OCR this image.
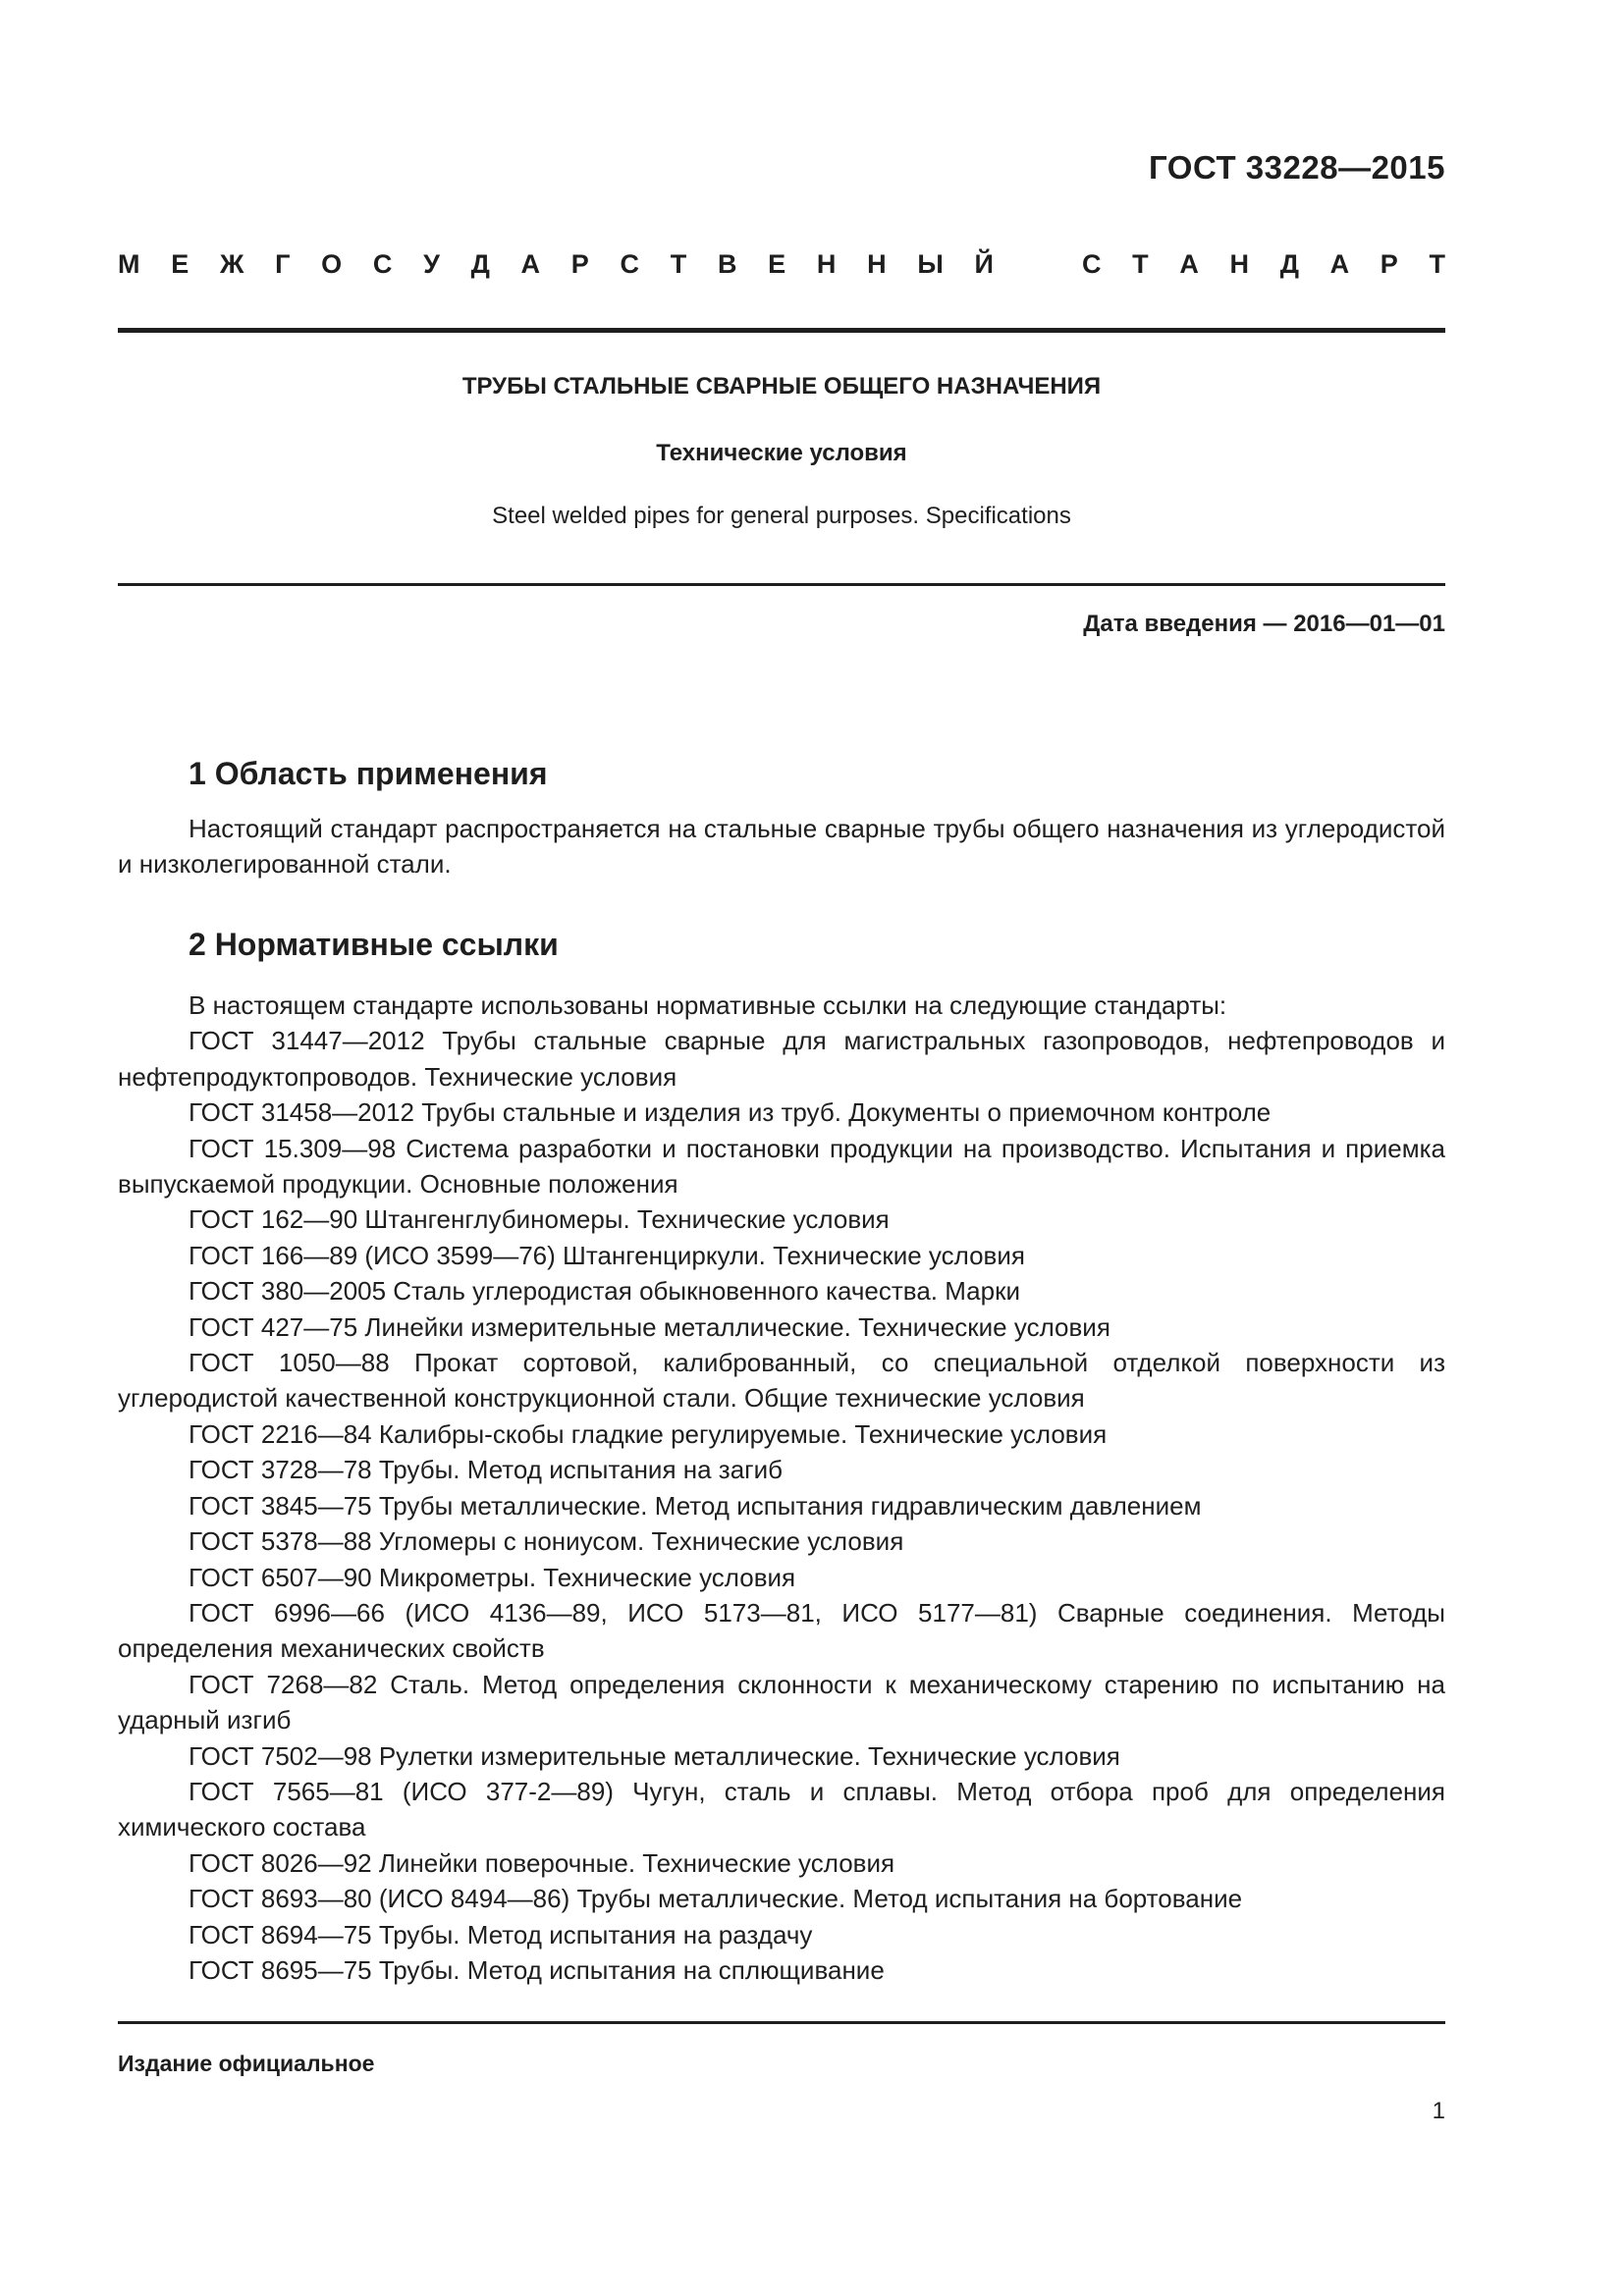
ГОСТ 33228—2015
М Е Ж Г О С У Д А Р С Т В Е Н Н Ы Й	С Т А Н Д А Р Т
ТРУБЫ СТАЛЬНЫЕ СВАРНЫЕ ОБЩЕГО НАЗНАЧЕНИЯ
Технические условия
Steel welded pipes for general purposes. Specifications
Дата введения — 2016—01—01
1 Область применения

Настоящий стандарт распространяется на стальные сварные трубы общего назначения из углеродистой и низколегированной стали.

2 Нормативные ссылки

В настоящем стандарте использованы нормативные ссылки на следующие стандарты:

ГОСТ 31447—2012 Трубы стальные сварные для магистральных газопроводов, нефтепроводов и нефтепродуктопроводов. Технические условия

ГОСТ 31458—2012 Трубы стальные и изделия из труб. Документы о приемочном контроле

ГОСТ 15.309—98 Система разработки и постановки продукции на производство. Испытания и приемка выпускаемой продукции. Основные положения

ГОСТ 162—90 Штангенглубиномеры. Технические условия

ГОСТ 166—89 (ИСО 3599—76) Штангенциркули. Технические условия

ГОСТ 380—2005 Сталь углеродистая обыкновенного качества. Марки

ГОСТ 427—75 Линейки измерительные металлические. Технические условия

ГОСТ 1050—88 Прокат сортовой, калиброванный, со специальной отделкой поверхности из углеродистой качественной конструкционной стали. Общие технические условия

ГОСТ 2216—84 Калибры-скобы гладкие регулируемые. Технические условия

ГОСТ 3728—78 Трубы. Метод испытания на загиб

ГОСТ 3845—75 Трубы металлические. Метод испытания гидравлическим давлением

ГОСТ 5378—88 Угломеры с нониусом. Технические условия

ГОСТ 6507—90 Микрометры. Технические условия

ГОСТ 6996—66 (ИСО 4136—89, ИСО 5173—81, ИСО 5177—81) Сварные соединения. Методы определения механических свойств

ГОСТ 7268—82 Сталь. Метод определения склонности к механическому старению по испытанию на ударный изгиб

ГОСТ 7502—98 Рулетки измерительные металлические. Технические условия

ГОСТ 7565—81 (ИСО 377-2—89) Чугун, сталь и сплавы. Метод отбора проб для определения химического состава

ГОСТ 8026—92 Линейки поверочные. Технические условия

ГОСТ 8693—80 (ИСО 8494—86) Трубы металлические. Метод испытания на бортование

ГОСТ 8694—75 Трубы. Метод испытания на раздачу

ГОСТ 8695—75 Трубы. Метод испытания на сплющивание

Издание официальное
1
